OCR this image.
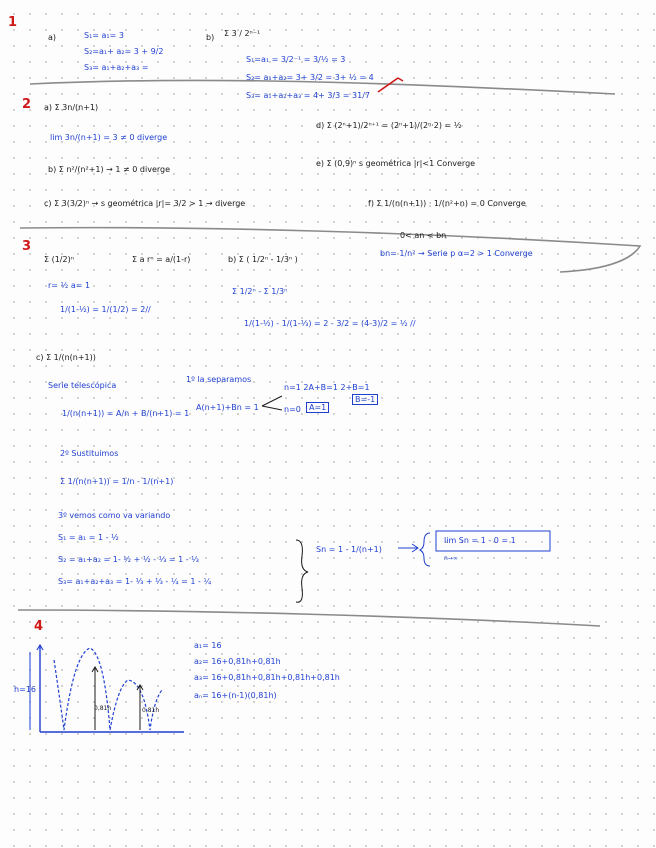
1
a)	S₁= a₁= 3
S₂=a₁+ a₂= 3 + 9/2
S₃= a₁+a₂+a₃ =
b) Σ 3 / 2ⁿ⁻¹
S₁=a₁ = 3/2⁻¹ = 3/½ = 3
S₂= a₁+a₂= 3+ 3/2 = 3+ ½ = 4
S₃= a₁+a₂+a₃ = 4+ 3/3 = 31/7
2 a) Σ 3n/(n+1)
lim 3n/(n+1) = 3 ≠ 0 diverge
d) Σ (2ⁿ+1)/2ⁿ⁺¹ = (2ⁿ+1)/(2ⁿ·2) = ½
b) Σ n²/(n²+1) → 1 ≠ 0 diverge
e) Σ (0,9)ⁿ s geométrica |r|<1 Converge
c) Σ 3(3/2)ⁿ → s geométrica |r|= 3/2 > 1 → diverge	f) Σ 1/(n(n+1)) · 1/(n²+n) = 0 Converge
0< an < bn
bn= 1/n² → Serie p α=2 > 1 Converge
3
Σ (1/2)ⁿ	Σ a rⁿ = a/(1-r)
r= ½ a= 1
1/(1-½) = 1/(1/2) = 2//
b) Σ ( 1/2ⁿ - 1/3ⁿ )
Σ 1/2ⁿ - Σ 1/3ⁿ
1/(1-½) - 1/(1-⅓) = 2 - 3/2 = (4-3)/2 = ½ //
c) Σ 1/(n(n+1))
Serie telescópica
1º la separamos
1/(n(n+1)) = A/n + B/(n+1) = 1
A(n+1)+Bn = 1
n=1 2A+B=1 2+B=1
n=0	A=1
B=-1
2º Sustituimos
Σ 1/(n(n+1)) = 1/n - 1/(n+1)
3º vemos como va variando
S₁ = a₁ = 1 - ½
S₂ = a₁+a₂ = 1- ½ + ½ - ⅓ = 1 - ⅓
S₃= a₁+a₂+a₃ = 1- ⅓ + ⅓ - ¼ = 1 - ¼
Sn = 1 - 1/(n+1)
lim Sn = 1 - 0 = 1
n→∞
4
h=16
0,81h	0,81h
a₁= 16
a₂= 16+0,81h+0,81h
a₃= 16+0,81h+0,81h+0,81h+0,81h
aₙ= 16+(n-1)(0,81h)
